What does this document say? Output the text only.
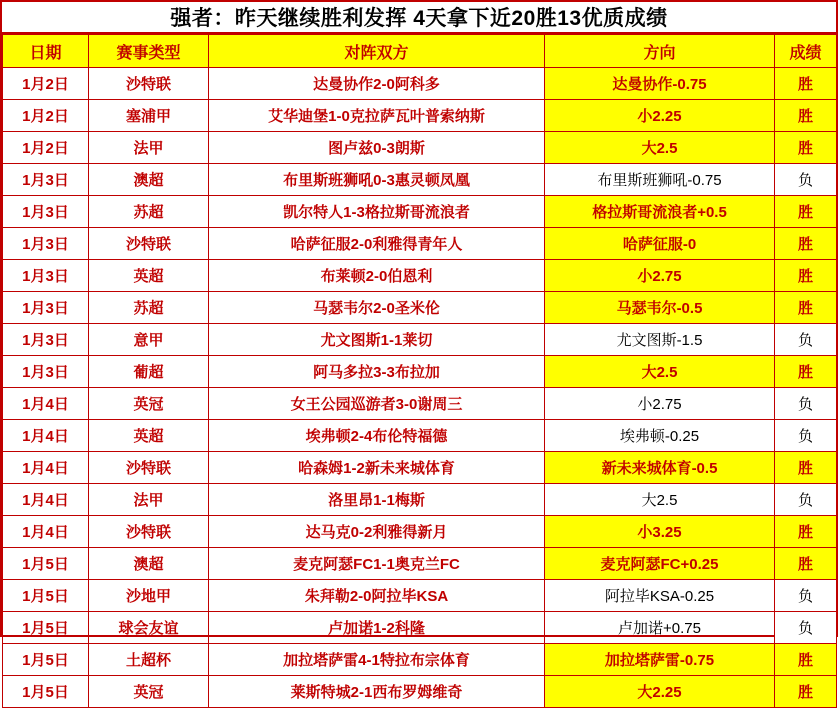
强者：昨天继续胜利发挥 4天拿下近20胜13优质成绩
日期	赛事类型	对阵双方	方向	成绩
1月2日	沙特联	达曼协作2-0阿科多	达曼协作-0.75	胜
1月2日	塞浦甲	艾华迪堡1-0克拉萨瓦叶普索纳斯	小2.25	胜
1月2日	法甲	图卢兹0-3朗斯	大2.5	胜
1月3日	澳超	布里斯班狮吼0-3惠灵顿凤凰	布里斯班狮吼-0.75	负
1月3日	苏超	凯尔特人1-3格拉斯哥流浪者	格拉斯哥流浪者+0.5	胜
1月3日	沙特联	哈萨征服2-0利雅得青年人	哈萨征服-0	胜
1月3日	英超	布莱顿2-0伯恩利	小2.75	胜
1月3日	苏超	马瑟韦尔2-0圣米伦	马瑟韦尔-0.5	胜
1月3日	意甲	尤文图斯1-1莱切	尤文图斯-1.5	负
1月3日	葡超	阿马多拉3-3布拉加	大2.5	胜
1月4日	英冠	女王公园巡游者3-0谢周三	小2.75	负
1月4日	英超	埃弗顿2-4布伦特福德	埃弗顿-0.25	负
1月4日	沙特联	哈森姆1-2新未来城体育	新未来城体育-0.5	胜
1月4日	法甲	洛里昂1-1梅斯	大2.5	负
1月4日	沙特联	达马克0-2利雅得新月	小3.25	胜
1月5日	澳超	麦克阿瑟FC1-1奥克兰FC	麦克阿瑟FC+0.25	胜
1月5日	沙地甲	朱拜勒2-0阿拉毕KSA	阿拉毕KSA-0.25	负
1月5日	球会友谊	卢加诺1-2科隆	卢加诺+0.75	负
1月5日	土超杯	加拉塔萨雷4-1特拉布宗体育	加拉塔萨雷-0.75	胜
1月5日	英冠	莱斯特城2-1西布罗姆维奇	大2.25	胜
